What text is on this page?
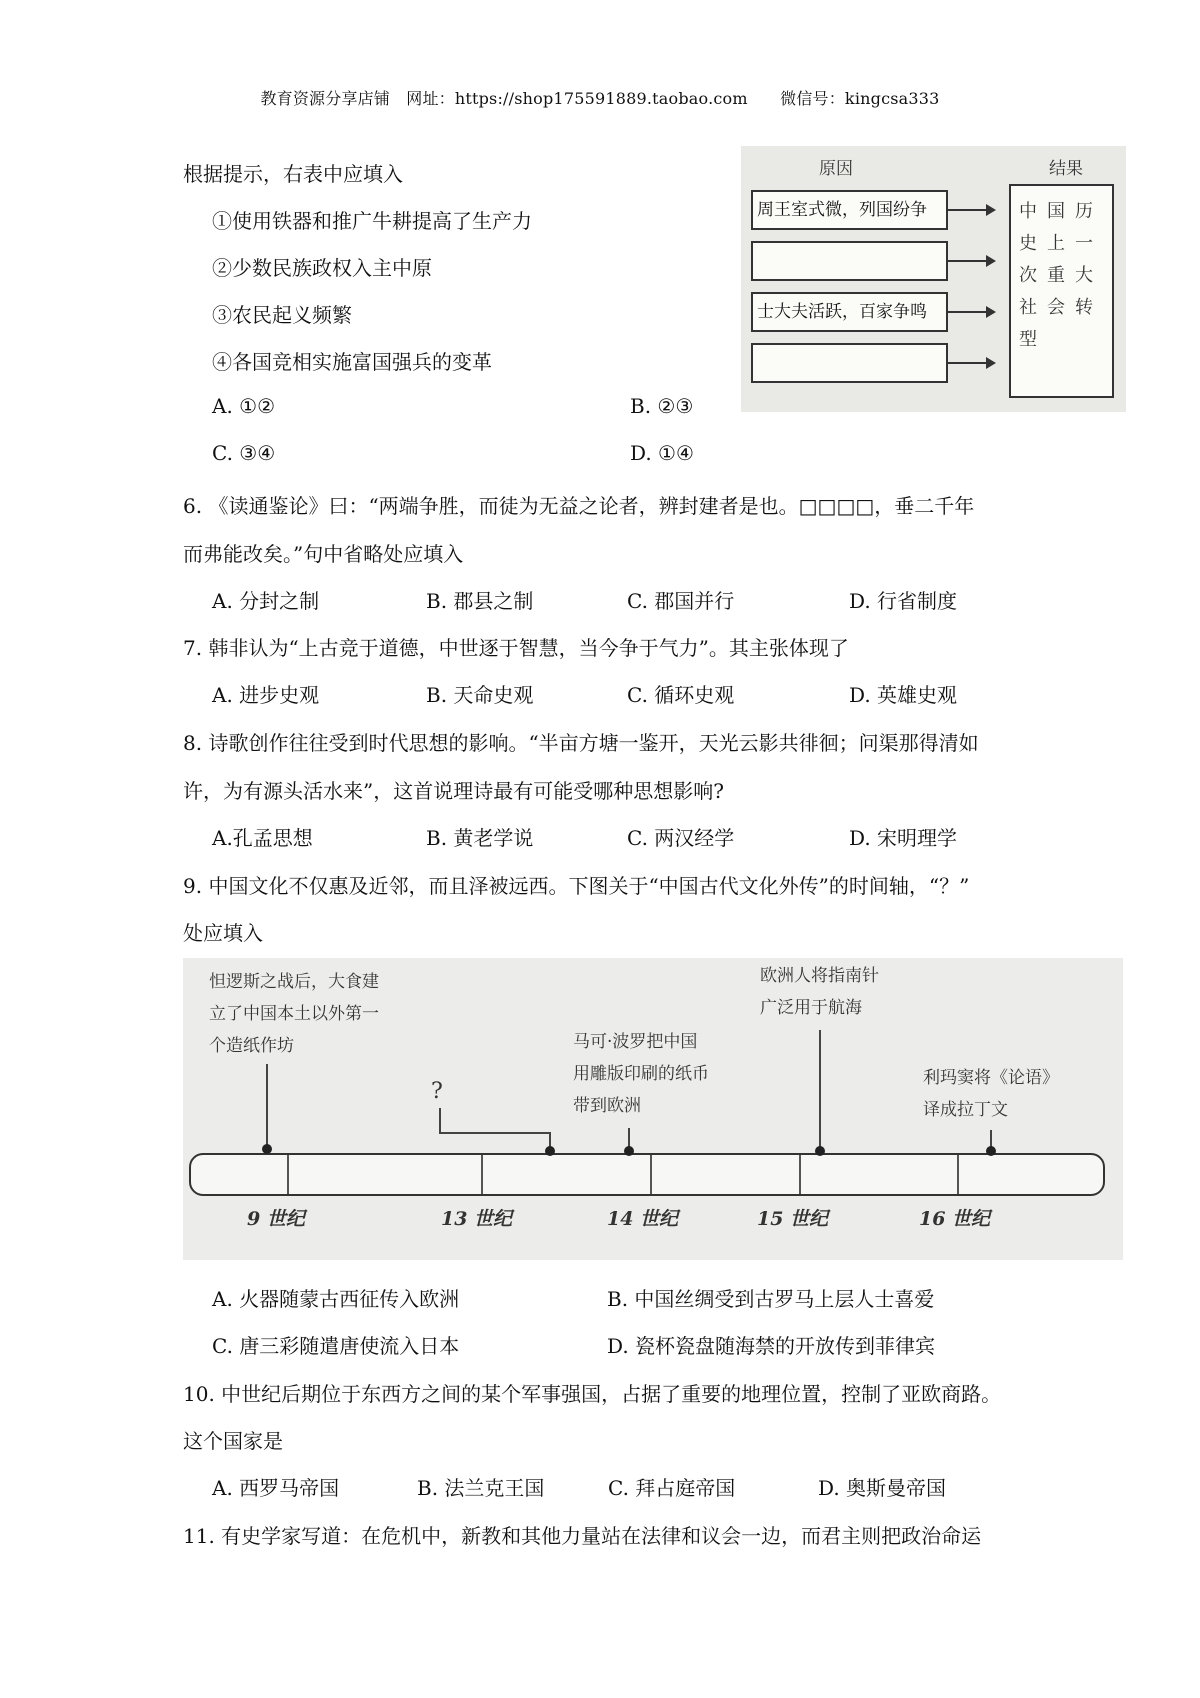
教育资源分享店铺　网址：https://shop175591889.taobao.com　　微信号：kingcsa333
根据提示，右表中应填入
①使用铁器和推广牛耕提高了生产力
②少数民族政权入主中原
③农民起义频繁
④各国竞相实施富国强兵的变革
A. ①②	B. ②③
C. ③④	D. ①④
原因	结果
周王室式微，列国纷争
士大夫活跃，百家争鸣
中国历
史上一
次重大
社会转
型
6. 《读通鉴论》曰：“两端争胜，而徒为无益之论者，辨封建者是也。□□□□，垂二千年
而弗能改矣。”句中省略处应填入
A. 分封之制	B. 郡县之制	C. 郡国并行	D. 行省制度
7. 韩非认为“上古竞于道德，中世逐于智慧，当今争于气力”。其主张体现了
A. 进步史观	B. 天命史观	C. 循环史观	D. 英雄史观
8. 诗歌创作往往受到时代思想的影响。“半亩方塘一鉴开，天光云影共徘徊；问渠那得清如
许，为有源头活水来”，这首说理诗最有可能受哪种思想影响?
A.孔孟思想	B. 黄老学说	C. 两汉经学	D. 宋明理学
9. 中国文化不仅惠及近邻，而且泽被远西。下图关于“中国古代文化外传”的时间轴，“？”
处应填入
怛逻斯之战后，大食建
立了中国本土以外第一
个造纸作坊
?
马可·波罗把中国
用雕版印刷的纸币
带到欧洲
欧洲人将指南针
广泛用于航海
利玛窦将《论语》
译成拉丁文
9 世纪	13 世纪	14 世纪	15 世纪	16 世纪
A. 火器随蒙古西征传入欧洲	B. 中国丝绸受到古罗马上层人士喜爱
C. 唐三彩随遣唐使流入日本	D. 瓷杯瓷盘随海禁的开放传到菲律宾
10. 中世纪后期位于东西方之间的某个军事强国，占据了重要的地理位置，控制了亚欧商路。
这个国家是
A. 西罗马帝国	B. 法兰克王国	C. 拜占庭帝国	D. 奥斯曼帝国
11. 有史学家写道：在危机中，新教和其他力量站在法律和议会一边，而君主则把政治命运
